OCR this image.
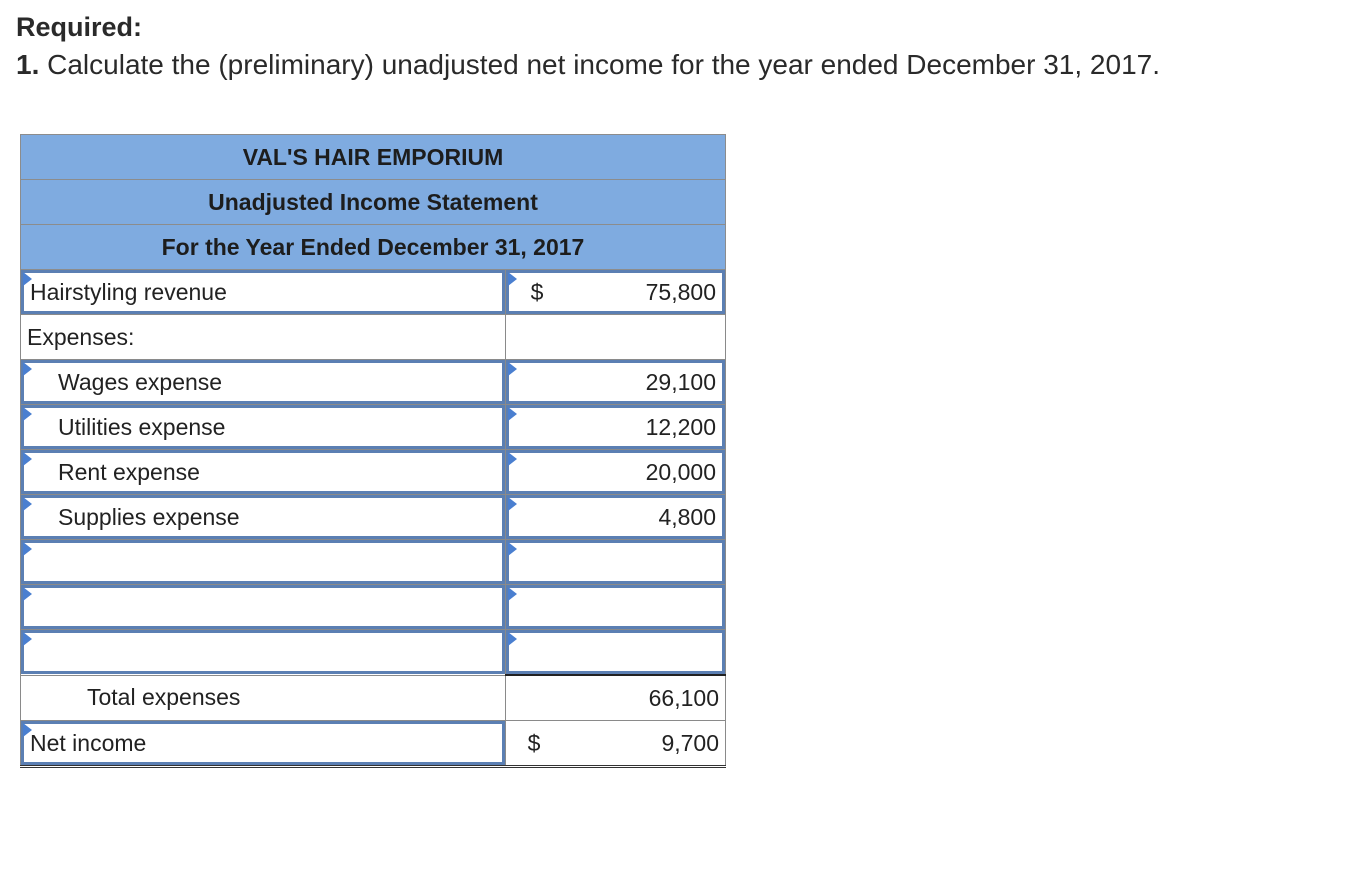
Required:

1. Calculate the (preliminary) unadjusted net income for the year ended December 31, 2017.

VAL'S HAIR EMPORIUM	
Unadjusted Income Statement	
For the Year Ended December 31, 2017	

Hairstyling revenue	$ 75,800

Expenses:	

Wages expense	29,100

Utilities expense	12,200

Rent expense	20,000

Supplies expense	4,800

Total expenses	66,100

Net income	$ 9,700
